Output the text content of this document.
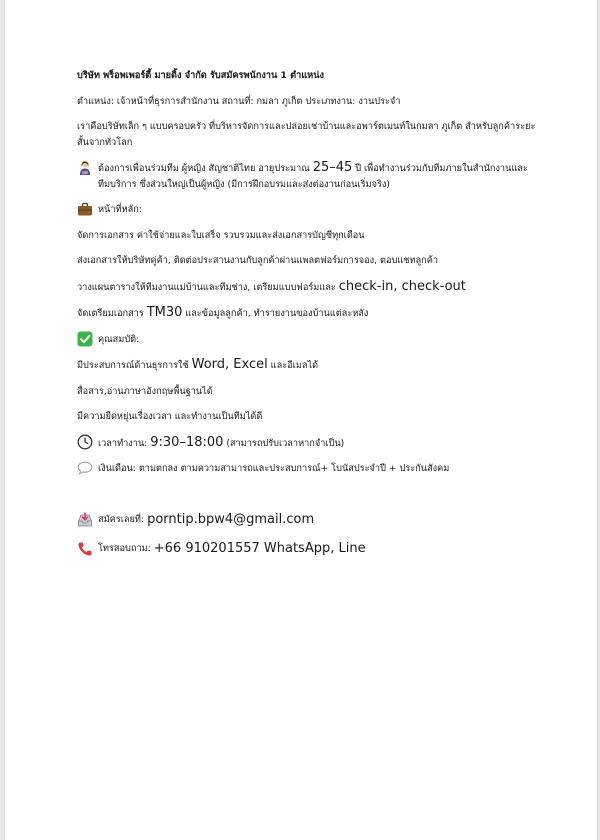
บริษัท พร็อพเพอร์ตี้ มายดิ้ง จำกัด รับสมัครพนักงาน 1 ตำแหน่ง

ตำแหน่ง: เจ้าหน้าที่ธุรการสำนักงาน สถานที่: กมลา ภูเก็ต ประเภทงาน: งานประจำ

เราคือบริษัทเล็ก ๆ แบบครอบครัว ที่บริหารจัดการและปล่อยเช่าบ้านและอพาร์ตเมนท์ในกมลา ภูเก็ต สำหรับลูกค้าระยะสั้นจากทั่วโลก

ต้องการเพื่อนร่วมทีม ผู้หญิง สัญชาติไทย อายุประมาณ 25–45 ปี เพื่อทำงานร่วมกับทีมภายในสำนักงานและทีมบริการ ซึ่งส่วนใหญ่เป็นผู้หญิง (มีการฝึกอบรมและส่งต่องานก่อนเริ่มจริง)

หน้าที่หลัก:

จัดการเอกสาร ค่าใช้จ่ายและใบเสร็จ รวบรวมและส่งเอกสารบัญชีทุกเดือน

ส่งเอกสารให้บริษัทคู่ค้า, ติดต่อประสานงานกับลูกค้าผ่านแพลตฟอร์มการจอง, ตอบแชทลูกค้า

วางแผนตารางให้ทีมงานแม่บ้านและทีมช่าง, เตรียมแบบฟอร์มและ check-in, check-out

จัดเตรียมเอกสาร TM30 และข้อมูลลูกค้า, ทำรายงานของบ้านแต่ละหลัง

คุณสมบัติ:

มีประสบการณ์ด้านธุรการใช้ Word, Excel และอีเมลได้

สื่อสาร,อ่านภาษาอังกฤษพื้นฐานได้

มีความยืดหยุ่นเรื่องเวลา และทำงานเป็นทีมได้ดี

เวลาทำงาน: 9:30–18:00 (สามารถปรับเวลาหากจำเป็น)

เงินเดือน: ตามตกลง ตามความสามารถและประสบการณ์+ โบนัสประจำปี + ประกันสังคม

สมัครเลยที่: porntip.bpw4@gmail.com

โทรสอบถาม: +66 910201557 WhatsApp, Line
